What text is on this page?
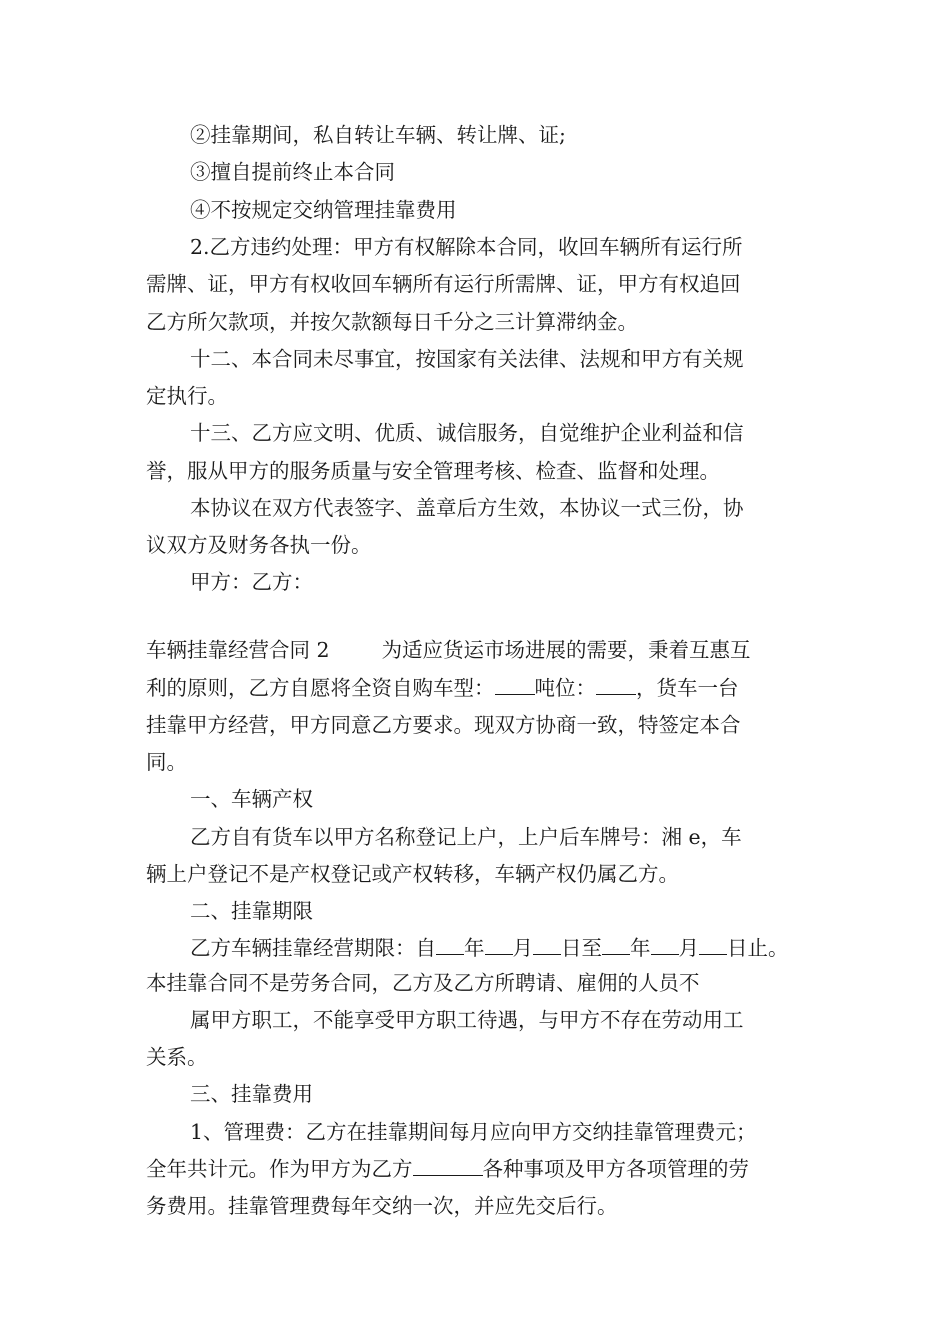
②挂靠期间，私自转让车辆、转让牌、证;
③擅自提前终止本合同
④不按规定交纳管理挂靠费用
2.乙方违约处理：甲方有权解除本合同，收回车辆所有运行所
需牌、证，甲方有权收回车辆所有运行所需牌、证，甲方有权追回
乙方所欠款项，并按欠款额每日千分之三计算滞纳金。
十二、本合同未尽事宜，按国家有关法律、法规和甲方有关规
定执行。
十三、乙方应文明、优质、诚信服务，自觉维护企业利益和信
誉，服从甲方的服务质量与安全管理考核、检查、监督和处理。
本协议在双方代表签字、盖章后方生效，本协议一式三份，协
议双方及财务各执一份。
甲方：乙方：
车辆挂靠经营合同 2	为适应货运市场进展的需要，秉着互惠互
利的原则，乙方自愿将全资自购车型： 吨位： ，货车一台
挂靠甲方经营，甲方同意乙方要求。现双方协商一致，特签定本合
同。
一、车辆产权
乙方自有货车以甲方名称登记上户，上户后车牌号：湘 e，车
辆上户登记不是产权登记或产权转移，车辆产权仍属乙方。
二、挂靠期限
乙方车辆挂靠经营期限：自 年 月 日至 年 月 日止。
本挂靠合同不是劳务合同，乙方及乙方所聘请、雇佣的人员不
属甲方职工，不能享受甲方职工待遇，与甲方不存在劳动用工
关系。
三、挂靠费用
1、管理费：乙方在挂靠期间每月应向甲方交纳挂靠管理费元；
全年共计元。作为甲方为乙方	各种事项及甲方各项管理的劳
务费用。挂靠管理费每年交纳一次，并应先交后行。
